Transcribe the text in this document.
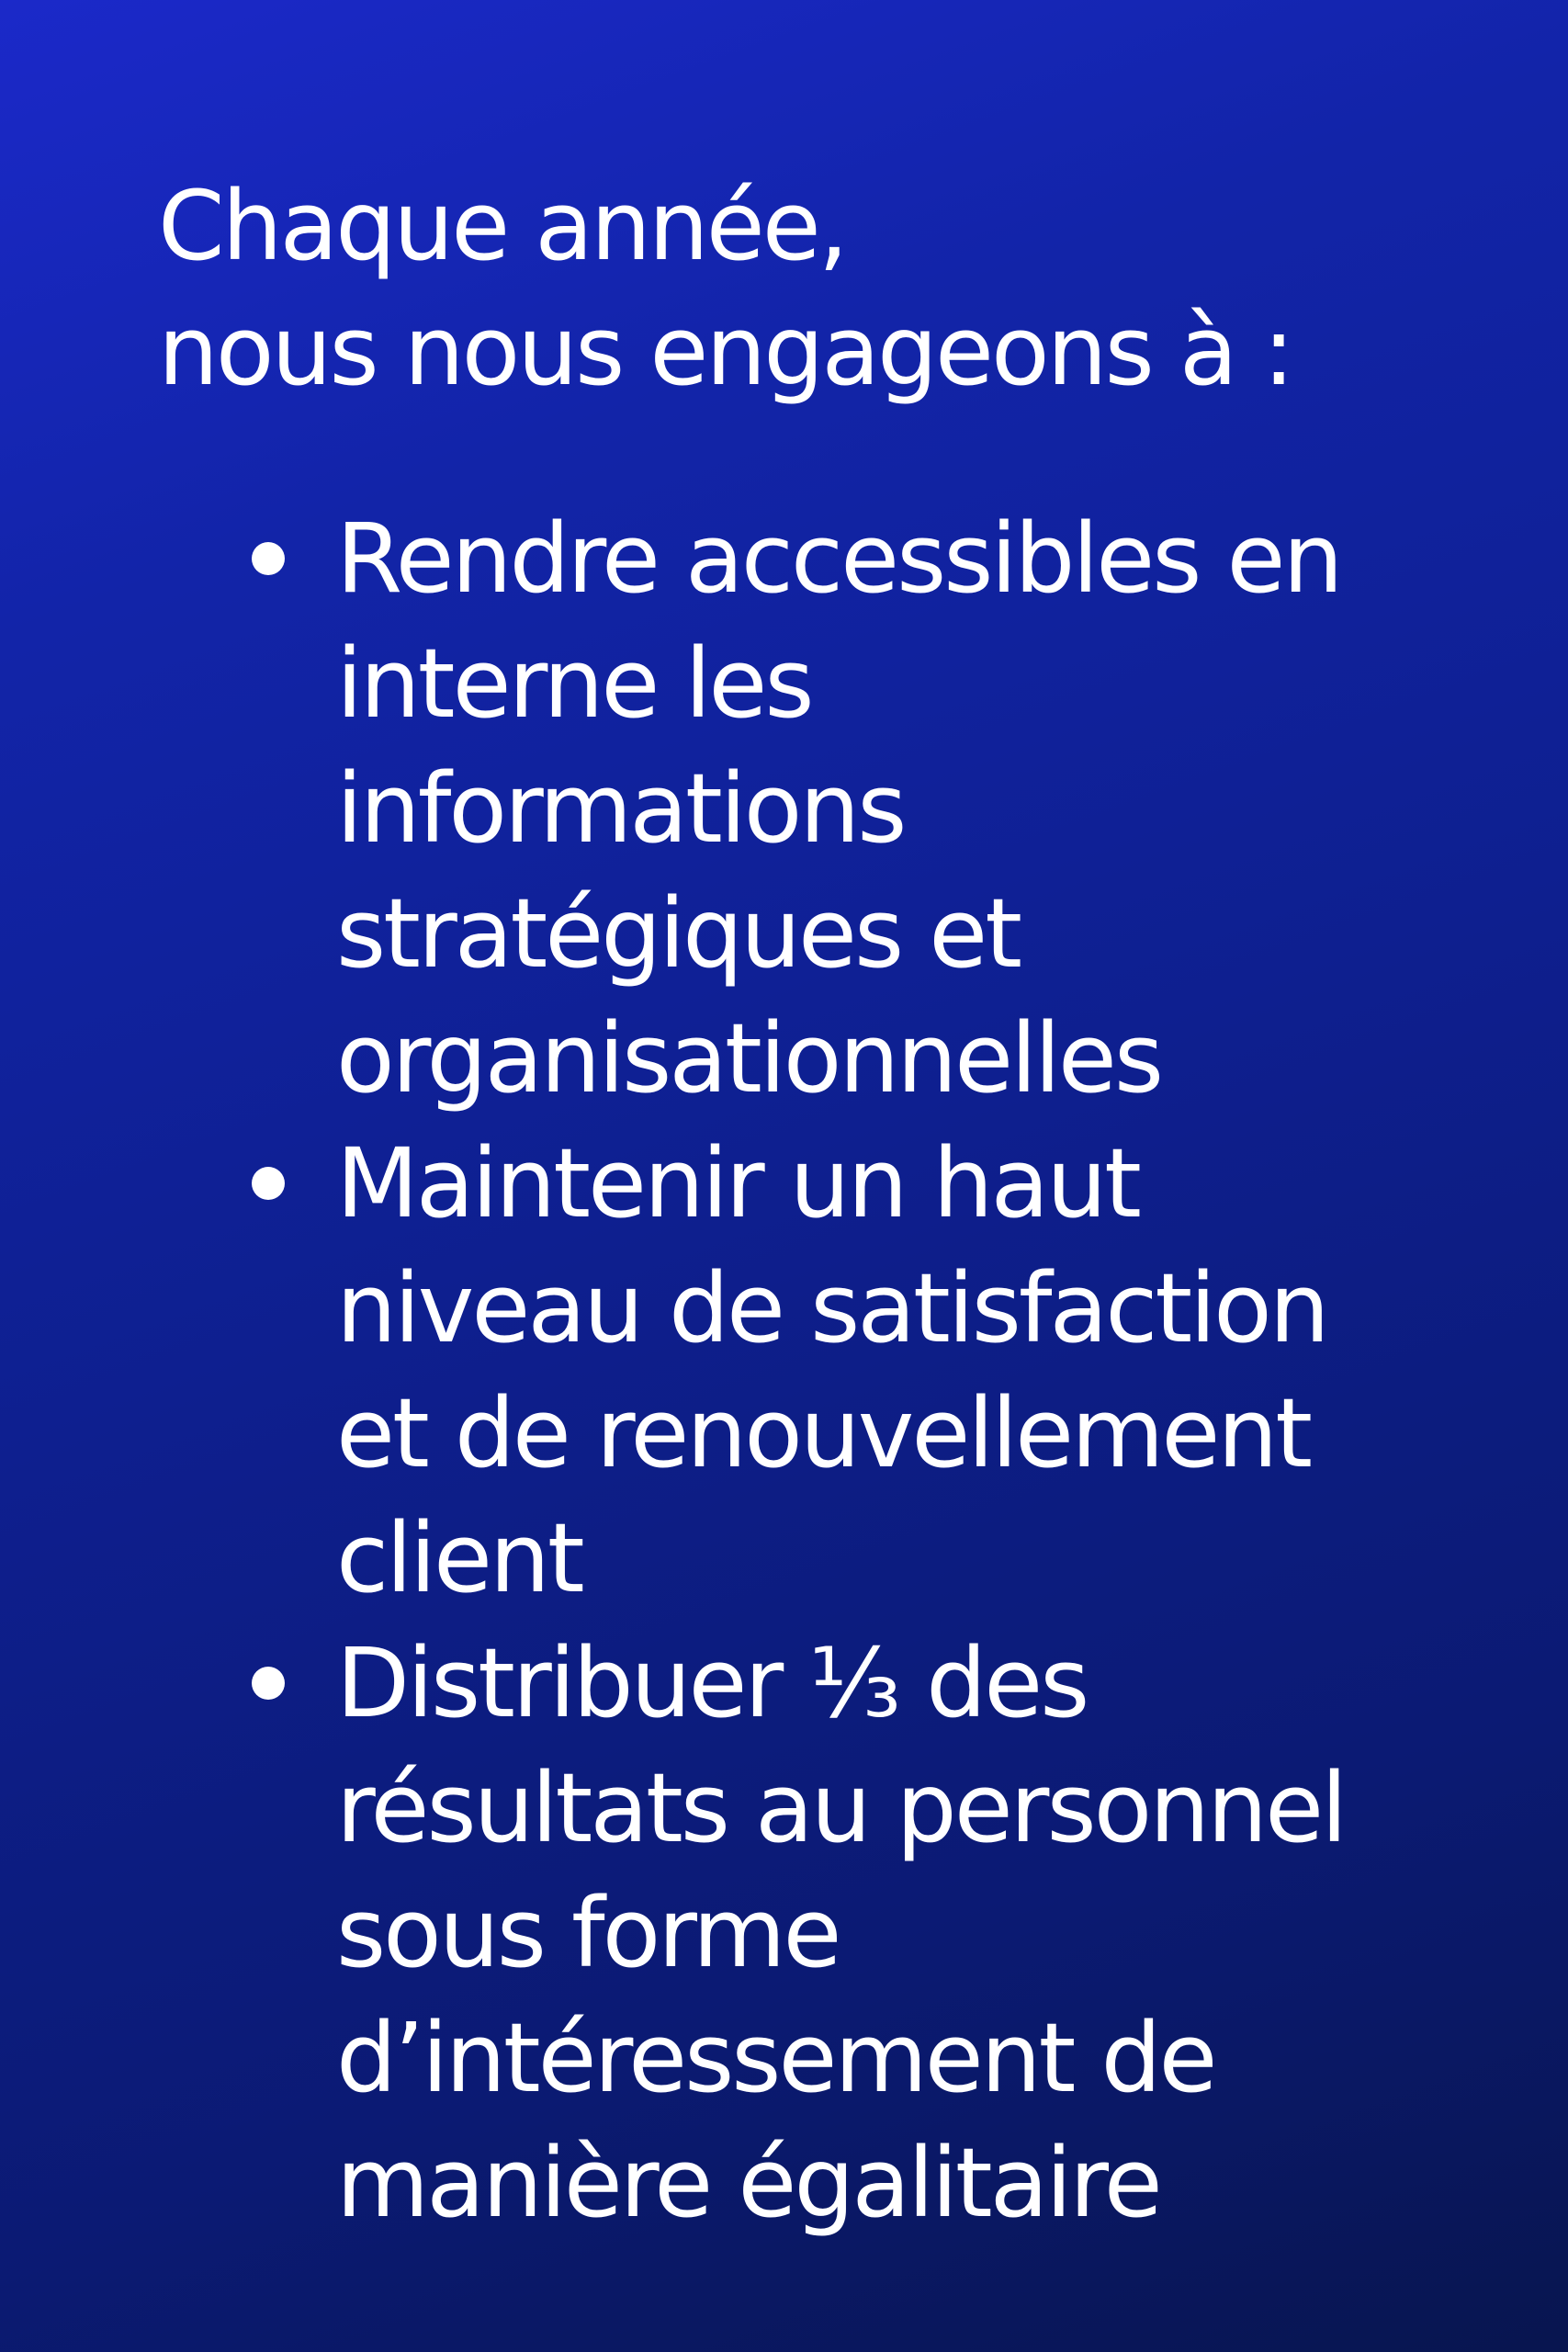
Chaque année,
nous nous engageons à :
Rendre accessibles en
interne les
informations
stratégiques et
organisationnelles
Maintenir un haut
niveau de satisfaction
et de renouvellement
client
Distribuer ⅓ des
résultats au personnel
sous forme
d’intéressement de
manière égalitaire
